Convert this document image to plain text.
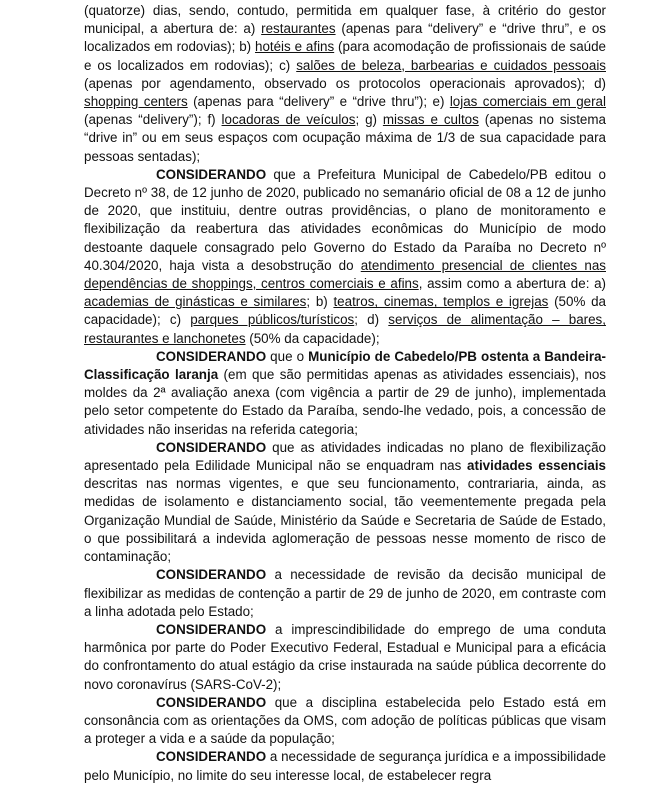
(quatorze) dias, sendo, contudo, permitida em qualquer fase, à critério do gestor municipal, a abertura de: a) restaurantes (apenas para “delivery” e “drive thru”, e os localizados em rodovias); b) hotéis e afins (para acomodação de profissionais de saúde e os localizados em rodovias); c) salões de beleza, barbearias e cuidados pessoais (apenas por agendamento, observado os protocolos operacionais aprovados); d) shopping centers (apenas para “delivery” e “drive thru”); e) lojas comerciais em geral (apenas “delivery”); f) locadoras de veículos; g) missas e cultos (apenas no sistema “drive in” ou em seus espaços com ocupação máxima de 1/3 de sua capacidade para pessoas sentadas);

CONSIDERANDO que a Prefeitura Municipal de Cabedelo/PB editou o Decreto nº 38, de 12 junho de 2020, publicado no semanário oficial de 08 a 12 de junho de 2020, que instituiu, dentre outras providências, o plano de monitoramento e flexibilização da reabertura das atividades econômicas do Município de modo destoante daquele consagrado pelo Governo do Estado da Paraíba no Decreto nº 40.304/2020, haja vista a desobstrução do atendimento presencial de clientes nas dependências de shoppings, centros comerciais e afins, assim como a abertura de: a) academias de ginásticas e similares; b) teatros, cinemas, templos e igrejas (50% da capacidade); c) parques públicos/turísticos; d) serviços de alimentação – bares, restaurantes e lanchonetes (50% da capacidade);

CONSIDERANDO que o Município de Cabedelo/PB ostenta a Bandeira-Classificação laranja (em que são permitidas apenas as atividades essenciais), nos moldes da 2ª avaliação anexa (com vigência a partir de 29 de junho), implementada pelo setor competente do Estado da Paraíba, sendo-lhe vedado, pois, a concessão de atividades não inseridas na referida categoria;

CONSIDERANDO que as atividades indicadas no plano de flexibilização apresentado pela Edilidade Municipal não se enquadram nas atividades essenciais descritas nas normas vigentes, e que seu funcionamento, contrariaria, ainda, as medidas de isolamento e distanciamento social, tão veementemente pregada pela Organização Mundial de Saúde, Ministério da Saúde e Secretaria de Saúde de Estado, o que possibilitará a indevida aglomeração de pessoas nesse momento de risco de contaminação;

CONSIDERANDO a necessidade de revisão da decisão municipal de flexibilizar as medidas de contenção a partir de 29 de junho de 2020, em contraste com a linha adotada pelo Estado;

CONSIDERANDO a imprescindibilidade do emprego de uma conduta harmônica por parte do Poder Executivo Federal, Estadual e Municipal para a eficácia do confrontamento do atual estágio da crise instaurada na saúde pública decorrente do novo coronavírus (SARS-CoV-2);

CONSIDERANDO que a disciplina estabelecida pelo Estado está em consonância com as orientações da OMS, com adoção de políticas públicas que visam a proteger a vida e a saúde da população;

CONSIDERANDO a necessidade de segurança jurídica e a impossibilidade pelo Município, no limite do seu interesse local, de estabelecer regra
